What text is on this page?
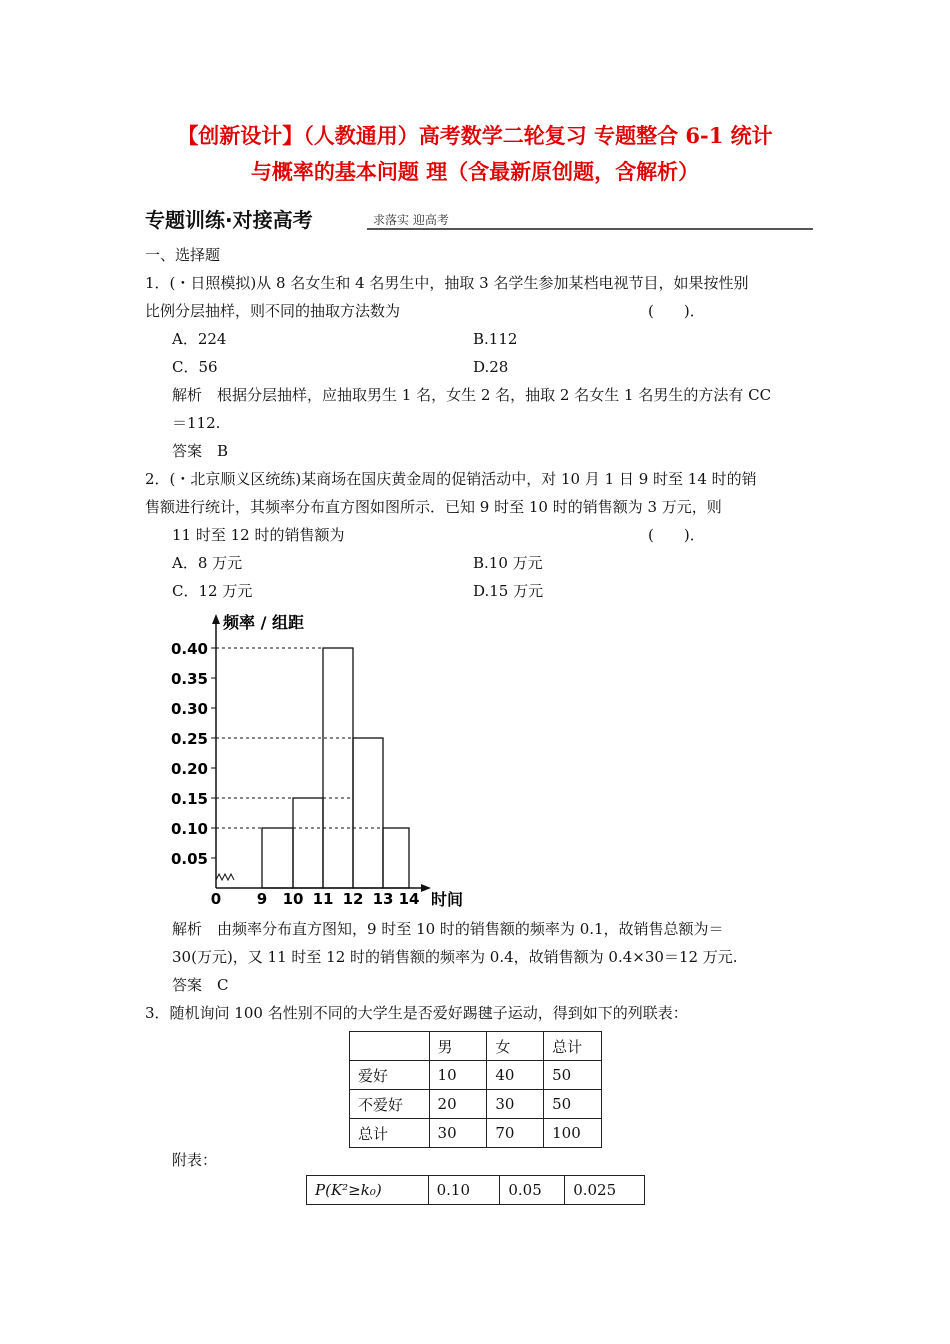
【创新设计】（人教通用）高考数学二轮复习 专题整合 6-1 统计
与概率的基本问题 理（含最新原创题，含解析）
专题训练·对接高考	求落实 迎高考
一、选择题
1．(・日照模拟)从 8 名女生和 4 名男生中，抽取 3 名学生参加某档电视节目，如果按性别
比例分层抽样，则不同的抽取方法数为	(　　)．
A．224	B.112
C．56	D.28
解析　根据分层抽样，应抽取男生 1 名，女生 2 名，抽取 2 名女生 1 名男生的方法有 CC
＝112.
答案　B
2．(・北京顺义区统练)某商场在国庆黄金周的促销活动中，对 10 月 1 日 9 时至 14 时的销
售额进行统计，其频率分布直方图如图所示．已知 9 时至 10 时的销售额为 3 万元，则
11 时至 12 时的销售额为	(　　)．
A．8 万元	B.10 万元
C．12 万元	D.15 万元
频率 / 组距
时间
0.05
0.10
0.15
0.20
0.25
0.30
0.35
0.40
0 9 10 11 12 13 14
解析　由频率分布直方图知，9 时至 10 时的销售额的频率为 0.1，故销售总额为＝
30(万元)，又 11 时至 12 时的销售额的频率为 0.4，故销售额为 0.4×30＝12 万元.
答案　C
3．随机询问 100 名性别不同的大学生是否爱好踢毽子运动，得到如下的列联表：
	男	女	总计
爱好	10	40	50
不爱好	20	30	50
总计	30	70	100
附表：
P(K²≥k₀)	0.10	0.05	0.025
